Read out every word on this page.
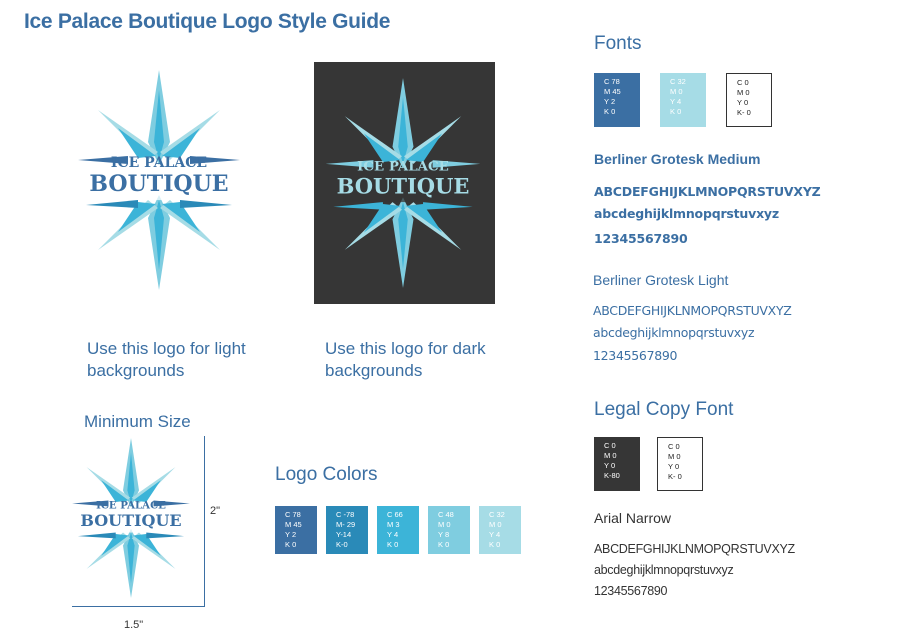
Ice Palace Boutique Logo Style Guide
ICE PALACE
BOUTIQUE
ICE PALACE
BOUTIQUE
Use this logo for light
backgrounds
Use this logo for dark
backgrounds
Minimum Size
ICE PALACE
BOUTIQUE	2"
1.5"
Logo Colors
C 78
M 45
Y 2
K 0
C -78
M- 29
Y-14
K-0
C 66
M 3
Y 4
K 0
C 48
M 0
Y 8
K 0
C 32
M 0
Y 4
K 0
Fonts
C 78
M 45
Y 2
K 0
C 32
M 0
Y 4
K 0
C 0
M 0
Y 0
K- 0
Berliner Grotesk Medium
ABCDEFGHIJKLMNOPQRSTUVXYZ
abcdeghijklmnopqrstuvxyz
12345567890
Berliner Grotesk Light
ABCDEFGHIJKLNMOPQRSTUVXYZ
abcdeghijklmnopqrstuvxyz
12345567890
Legal Copy Font
C 0
M 0
Y 0
K-80
C 0
M 0
Y 0
K- 0
Arial Narrow
ABCDEFGHIJKLNMOPQRSTUVXYZ
abcdeghijklmnopqrstuvxyz
12345567890
